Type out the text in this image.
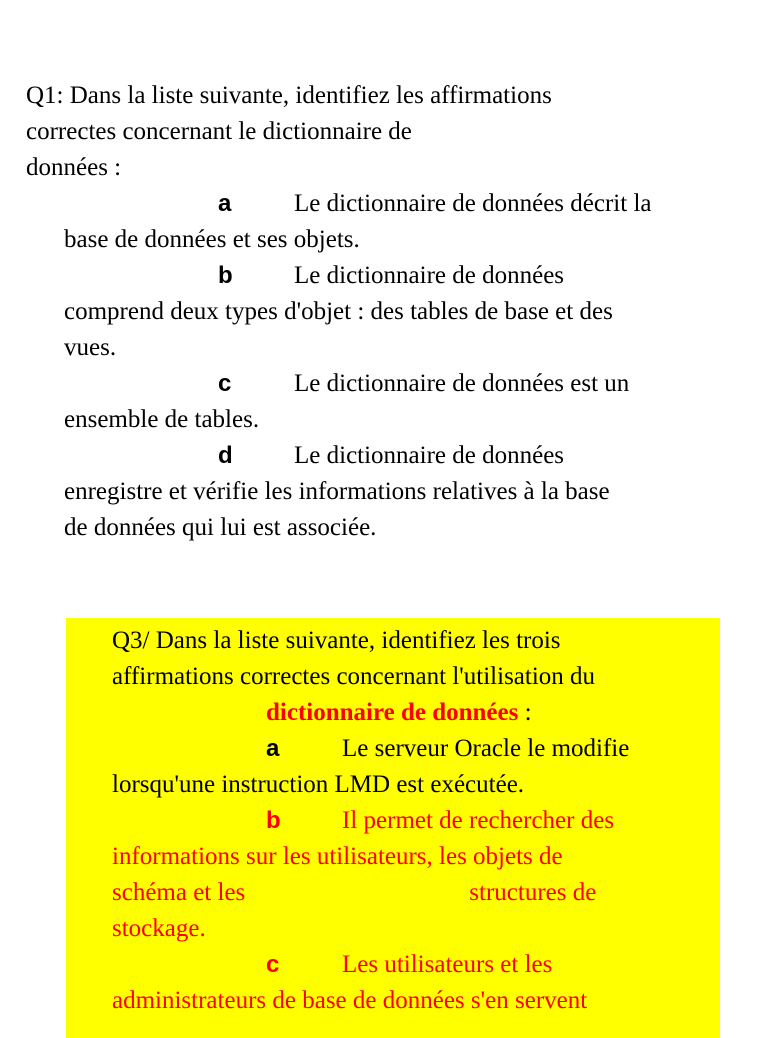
Q1: Dans la liste suivante, identifiez les affirmations
correctes concernant le dictionnaire de
données :
a	Le dictionnaire de données décrit la
base de données et ses objets.
b Le dictionnaire de données
comprend deux types d'objet : des tables de base et des
vues.
c	Le dictionnaire de données est un
ensemble de tables.
d Le dictionnaire de données
enregistre et vérifie les informations relatives à la base
de données qui lui est associée.
Q3/ Dans la liste suivante, identifiez les trois
affirmations correctes concernant l'utilisation du
dictionnaire de données :
a	Le serveur Oracle le modifie
lorsqu'une instruction LMD est exécutée.
b Il permet de rechercher des
informations sur les utilisateurs, les objets de
schéma et les	structures de
stockage.
c	Les utilisateurs et les
administrateurs de base de données s'en servent
